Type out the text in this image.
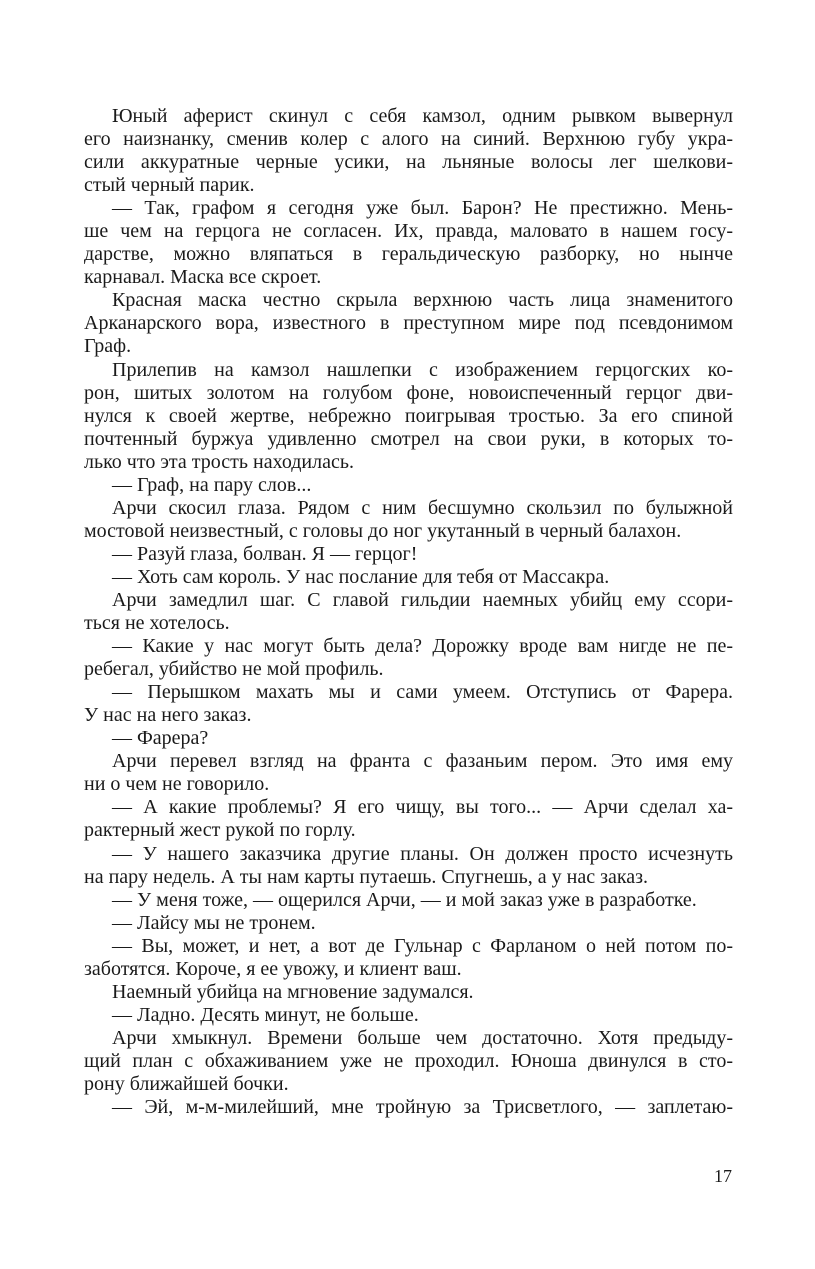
Юный аферист скинул с себя камзол, одним рывком вывернул
его наизнанку, сменив колер с алого на синий. Верхнюю губу укра-
сили аккуратные черные усики, на льняные волосы лег шелкови-
стый черный парик.
— Так, графом я сегодня уже был. Барон? Не престижно. Мень-
ше чем на герцога не согласен. Их, правда, маловато в нашем госу-
дарстве, можно вляпаться в геральдическую разборку, но нынче
карнавал. Маска все скроет.
Красная маска честно скрыла верхнюю часть лица знаменитого
Арканарского вора, известного в преступном мире под псевдонимом
Граф.
Прилепив на камзол нашлепки с изображением герцогских ко-
рон, шитых золотом на голубом фоне, новоиспеченный герцог дви-
нулся к своей жертве, небрежно поигрывая тростью. За его спиной
почтенный буржуа удивленно смотрел на свои руки, в которых то-
лько что эта трость находилась.
— Граф, на пару слов...
Арчи скосил глаза. Рядом с ним бесшумно скользил по булыжной
мостовой неизвестный, с головы до ног укутанный в черный балахон.
— Разуй глаза, болван. Я — герцог!
— Хоть сам король. У нас послание для тебя от Массакра.
Арчи замедлил шаг. С главой гильдии наемных убийц ему ссори-
ться не хотелось.
— Какие у нас могут быть дела? Дорожку вроде вам нигде не пе-
ребегал, убийство не мой профиль.
— Перышком махать мы и сами умеем. Отступись от Фарера.
У нас на него заказ.
— Фарера?
Арчи перевел взгляд на франта с фазаньим пером. Это имя ему
ни о чем не говорило.
— А какие проблемы? Я его чищу, вы того... — Арчи сделал ха-
рактерный жест рукой по горлу.
— У нашего заказчика другие планы. Он должен просто исчезнуть
на пару недель. А ты нам карты путаешь. Спугнешь, а у нас заказ.
— У меня тоже, — ощерился Арчи, — и мой заказ уже в разработке.
— Лайсу мы не тронем.
— Вы, может, и нет, а вот де Гульнар с Фарланом о ней потом по-
заботятся. Короче, я ее увожу, и клиент ваш.
Наемный убийца на мгновение задумался.
— Ладно. Десять минут, не больше.
Арчи хмыкнул. Времени больше чем достаточно. Хотя предыду-
щий план с обхаживанием уже не проходил. Юноша двинулся в сто-
рону ближайшей бочки.
— Эй, м-м-милейший, мне тройную за Трисветлого, — заплетаю-
17
